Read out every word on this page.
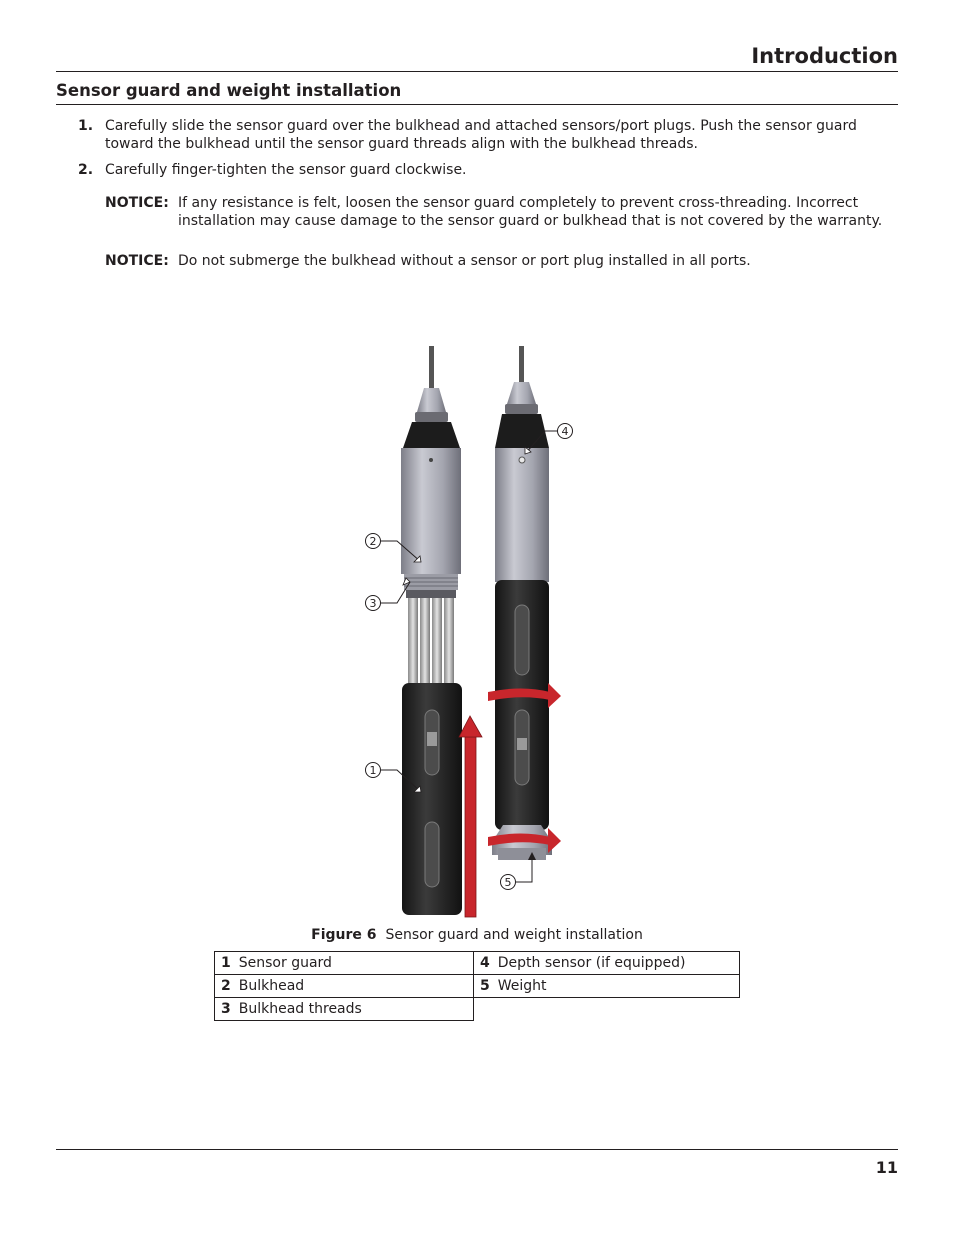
Introduction
Sensor guard and weight installation
1. Carefully slide the sensor guard over the bulkhead and attached sensors/port plugs. Push the sensor guard toward the bulkhead until the sensor guard threads align with the bulkhead threads.
2. Carefully finger-tighten the sensor guard clockwise.
NOTICE: If any resistance is felt, loosen the sensor guard completely to prevent cross-threading. Incorrect installation may cause damage to the sensor guard or bulkhead that is not covered by the warranty.
NOTICE: Do not submerge the bulkhead without a sensor or port plug installed in all ports.
2
3
1
4
5
Figure 6 Sensor guard and weight installation
1 Sensor guard	4 Depth sensor (if equipped)
2 Bulkhead	5 Weight
3 Bulkhead threads	
11
